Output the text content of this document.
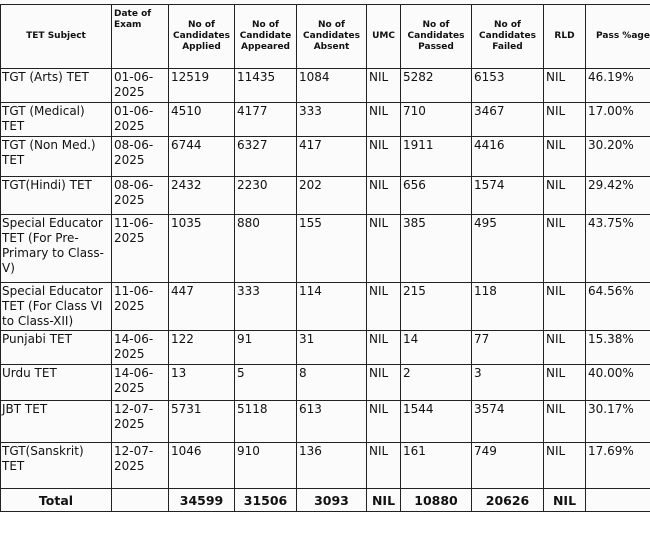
TET Subject	Date of Exam	No of Candidates Applied	No of Candidate Appeared	No of Candidates Absent	UMC	No of Candidates Passed	No of Candidates Failed	RLD	Pass %age
TGT (Arts) TET	01-06-2025	12519	11435	1084	NIL	5282	6153	NIL	46.19%
TGT (Medical) TET	01-06-2025	4510	4177	333	NIL	710	3467	NIL	17.00%
TGT (Non Med.) TET	08-06-2025	6744	6327	417	NIL	1911	4416	NIL	30.20%
TGT(Hindi) TET	08-06-2025	2432	2230	202	NIL	656	1574	NIL	29.42%
Special Educator TET (For Pre-Primary to Class-V)	11-06-2025	1035	880	155	NIL	385	495	NIL	43.75%
Special Educator TET (For Class VI to Class-XII)	11-06-2025	447	333	114	NIL	215	118	NIL	64.56%
Punjabi TET	14-06-2025	122	91	31	NIL	14	77	NIL	15.38%
Urdu TET	14-06-2025	13	5	8	NIL	2	3	NIL	40.00%
JBT TET	12-07-2025	5731	5118	613	NIL	1544	3574	NIL	30.17%
TGT(Sanskrit) TET	12-07-2025	1046	910	136	NIL	161	749	NIL	17.69%
Total		34599	31506	3093	NIL	10880	20626	NIL	
